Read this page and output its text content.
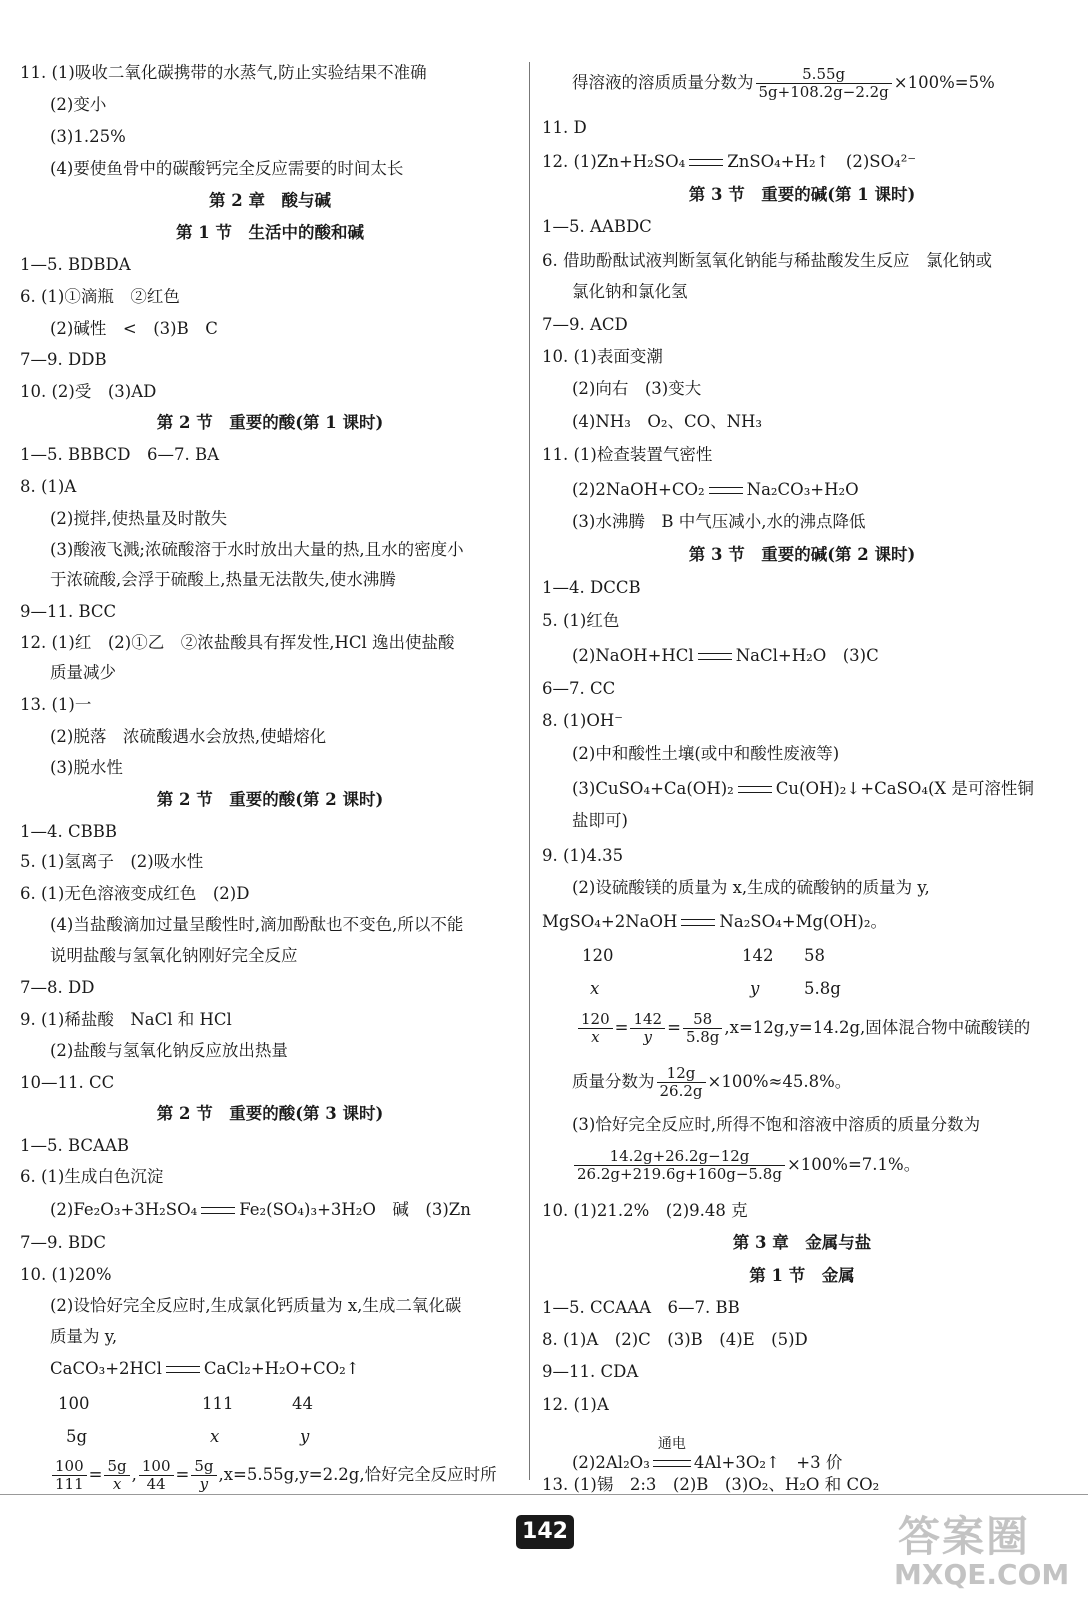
11. (1)吸收二氧化碳携带的水蒸气,防止实验结果不准确
(2)变小
(3)1.25%
(4)要使鱼骨中的碳酸钙完全反应需要的时间太长
第 2 章　酸与碱
第 1 节　生活中的酸和碱
1—5. BDBDA
6. (1)①滴瓶　②红色
(2)碱性　<　(3)B　C
7—9. DDB
10. (2)受　(3)AD
第 2 节　重要的酸(第 1 课时)
1—5. BBBCD　6—7. BA
8. (1)A
(2)搅拌,使热量及时散失
(3)酸液飞溅;浓硫酸溶于水时放出大量的热,且水的密度小
于浓硫酸,会浮于硫酸上,热量无法散失,使水沸腾
9—11. BCC
12. (1)红　(2)①乙　②浓盐酸具有挥发性,HCl 逸出使盐酸
质量减少
13. (1)一
(2)脱落　浓硫酸遇水会放热,使蜡熔化
(3)脱水性
第 2 节　重要的酸(第 2 课时)
1—4. CBBB
5. (1)氢离子　(2)吸水性
6. (1)无色溶液变成红色　(2)D
(4)当盐酸滴加过量呈酸性时,滴加酚酞也不变色,所以不能
说明盐酸与氢氧化钠刚好完全反应
7—8. DD
9. (1)稀盐酸　NaCl 和 HCl
(2)盐酸与氢氧化钠反应放出热量
10—11. CC
第 2 节　重要的酸(第 3 课时)
1—5. BCAAB
6. (1)生成白色沉淀
(2)Fe₂O₃+3H₂SO₄	Fe₂(SO₄)₃+3H₂O　碱　(3)Zn
7—9. BDC
10. (1)20%
(2)设恰好完全反应时,生成氯化钙质量为 x,生成二氧化碳
质量为 y,
CaCO₃+2HCl	CaCl₂+H₂O+CO₂↑
100	111	44
5g	x	y
$\frac{100}{111} = \frac{5g}{x}$ , $\frac{100}{44} = \frac{5g}{y} ,x=5.55g,y=2.2g$,恰好完全反应时所
得溶液的溶质质量分数为 $\frac{5.55g}{5g+108.2g-2.2g} \times 100\%=5\%$
11. D
12. (1)Zn+H₂SO₄	ZnSO₄+H₂↑　(2)SO₄²⁻
第 3 节　重要的碱(第 1 课时)
1—5. AABDC
6. 借助酚酞试液判断氢氧化钠能与稀盐酸发生反应　氯化钠或
氯化钠和氯化氢
7—9. ACD
10. (1)表面变潮
(2)向右　(3)变大
(4)NH₃　O₂、CO、NH₃
11. (1)检查装置气密性
(2)2NaOH+CO₂	Na₂CO₃+H₂O
(3)水沸腾　B 中气压减小,水的沸点降低
第 3 节　重要的碱(第 2 课时)
1—4. DCCB
5. (1)红色
(2)NaOH+HCl	NaCl+H₂O　(3)C
6—7. CC
8. (1)OH⁻
(2)中和酸性土壤(或中和酸性废液等)
(3)CuSO₄+Ca(OH)₂	Cu(OH)₂↓+CaSO₄(X 是可溶性铜
盐即可)
9. (1)4.35
(2)设硫酸镁的质量为 x,生成的硫酸钠的质量为 y,
MgSO₄+2NaOH	Na₂SO₄+Mg(OH)₂。
120	142 58
x	y	5.8g
$\frac{120}{x} = \frac{142}{y} = \frac{58}{5.8g} ,x=12g,y=14.2g$,固体混合物中硫酸镁的
质量分数为 $\frac{12g}{26.2g} \times 100\%\approx 45.8\%$。
(3)恰好完全反应时,所得不饱和溶液中溶质的质量分数为
$\frac{14.2g+26.2g-12g}{26.2g+219.6g+160g-5.8g} \times 100\%=7.1\%$。
10. (1)21.2%　(2)9.48 克
第 3 章　金属与盐
第 1 节　金属
1—5. CCAAA　6—7. BB
8. (1)A　(2)C　(3)B　(4)E　(5)D
9—11. CDA
12. (1)A
(2)2Al₂O₃
通电
4Al+3O₂↑　+3 价
13. (1)锡　2:3　(2)B　(3)O₂、H₂O 和 CO₂
142	答案圈
MXQE.COM
